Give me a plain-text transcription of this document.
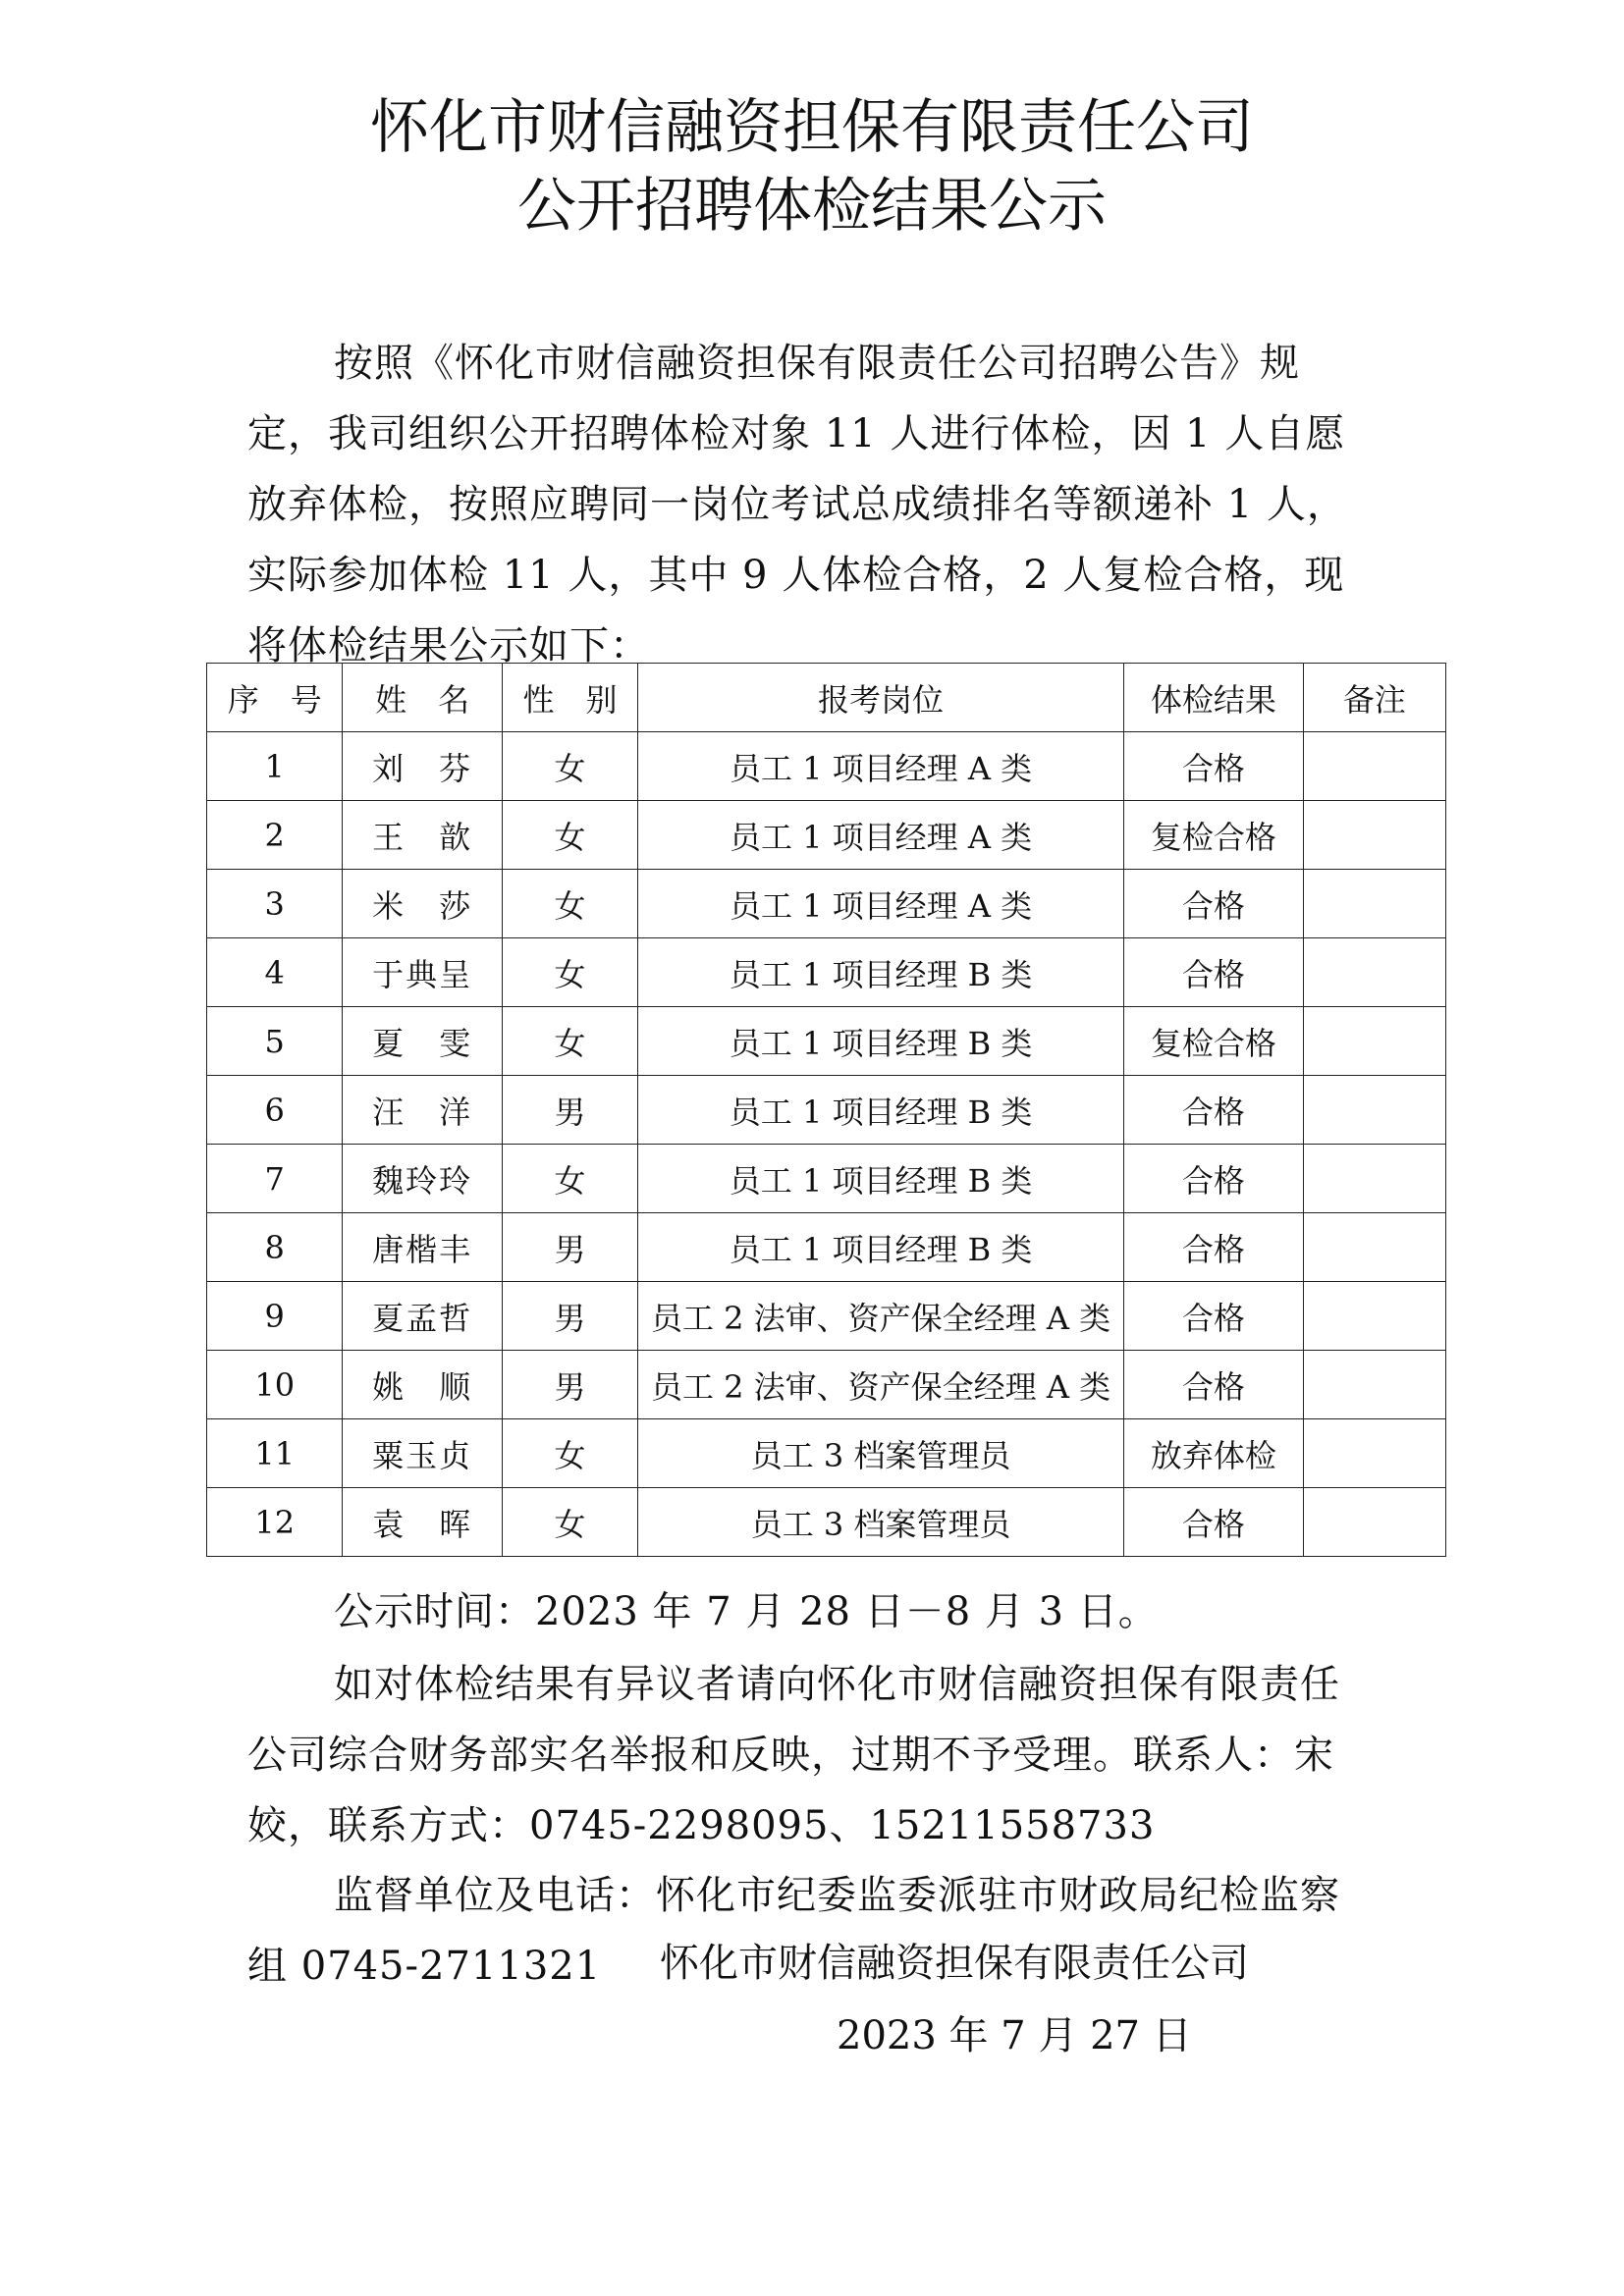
怀化市财信融资担保有限责任公司
公开招聘体检结果公示
按照《怀化市财信融资担保有限责任公司招聘公告》规定，我司组织公开招聘体检对象 11 人进行体检，因 1 人自愿放弃体检，按照应聘同一岗位考试总成绩排名等额递补 1 人，实际参加体检 11 人，其中 9 人体检合格，2 人复检合格，现将体检结果公示如下：
序　号	姓　名	性　别	报考岗位	体检结果	备注
1	刘　芬	女	员工 1 项目经理 A 类	合格	
2	王　歆	女	员工 1 项目经理 A 类	复检合格	
3	米　莎	女	员工 1 项目经理 A 类	合格	
4	于典呈	女	员工 1 项目经理 B 类	合格	
5	夏　雯	女	员工 1 项目经理 B 类	复检合格	
6	汪　洋	男	员工 1 项目经理 B 类	合格	
7	魏玲玲	女	员工 1 项目经理 B 类	合格	
8	唐楷丰	男	员工 1 项目经理 B 类	合格	
9	夏孟哲	男	员工 2 法审、资产保全经理 A 类	合格	
10	姚　顺	男	员工 2 法审、资产保全经理 A 类	合格	
11	粟玉贞	女	员工 3 档案管理员	放弃体检	
12	袁　晖	女	员工 3 档案管理员	合格	
公示时间：2023 年 7 月 28 日－8 月 3 日。
如对体检结果有异议者请向怀化市财信融资担保有限责任公司综合财务部实名举报和反映，过期不予受理。联系人：宋姣，联系方式：0745-2298095、15211558733
监督单位及电话：怀化市纪委监委派驻市财政局纪检监察组 0745-2711321	怀化市财信融资担保有限责任公司
2023 年 7 月 27 日
